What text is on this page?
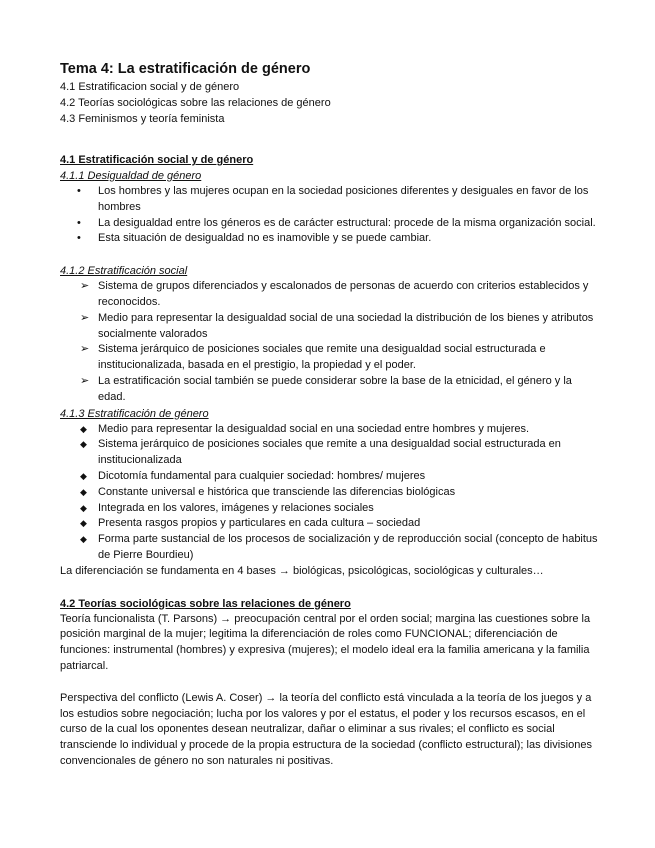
Tema 4: La estratificación de género
4.1 Estratificacion social y de género
4.2 Teorías sociológicas sobre las relaciones de género
4.3 Feminismos y teoría feminista
4.1 Estratificación social y de género
4.1.1 Desigualdad de género
• Los hombres y las mujeres ocupan en la sociedad posiciones diferentes y desiguales en favor de los hombres
• La desigualdad entre los géneros es de carácter estructural: procede de la misma organización social.
• Esta situación de desigualdad no es inamovible y se puede cambiar.
4.1.2 Estratificación social
➢ Sistema de grupos diferenciados y escalonados de personas de acuerdo con criterios establecidos y reconocidos.
➢ Medio para representar la desigualdad social de una sociedad la distribución de los bienes y atributos socialmente valorados
➢ Sistema jerárquico de posiciones sociales que remite una desigualdad social estructurada e institucionalizada, basada en el prestigio, la propiedad y el poder.
➢ La estratificación social también se puede considerar sobre la base de la etnicidad, el género y la edad.
4.1.3 Estratificación de género
◆ Medio para representar la desigualdad social en una sociedad entre hombres y mujeres.
◆ Sistema jerárquico de posiciones sociales que remite a una desigualdad social estructurada en institucionalizada
◆ Dicotomía fundamental para cualquier sociedad: hombres/ mujeres
◆ Constante universal e histórica que transciende las diferencias biológicas
◆ Integrada en los valores, imágenes y relaciones sociales
◆ Presenta rasgos propios y particulares en cada cultura – sociedad
◆ Forma parte sustancial de los procesos de socialización y de reproducción social (concepto de habitus de Pierre Bourdieu)

La diferenciación se fundamenta en 4 bases → biológicas, psicológicas, sociológicas y culturales…

4.2 Teorías sociológicas sobre las relaciones de género

Teoría funcionalista (T. Parsons) → preocupación central por el orden social; margina las cuestiones sobre la posición marginal de la mujer; legitima la diferenciación de roles como FUNCIONAL; diferenciación de funciones: instrumental (hombres) y expresiva (mujeres); el modelo ideal era la familia americana y la familia patriarcal.

Perspectiva del conflicto (Lewis A. Coser) → la teoría del conflicto está vinculada a la teoría de los juegos y a los estudios sobre negociación; lucha por los valores y por el estatus, el poder y los recursos escasos, en el curso de la cual los oponentes desean neutralizar, dañar o eliminar a sus rivales; el conflicto es social transciende lo individual y procede de la propia estructura de la sociedad (conflicto estructural); las divisiones convencionales de género no son naturales ni positivas.
